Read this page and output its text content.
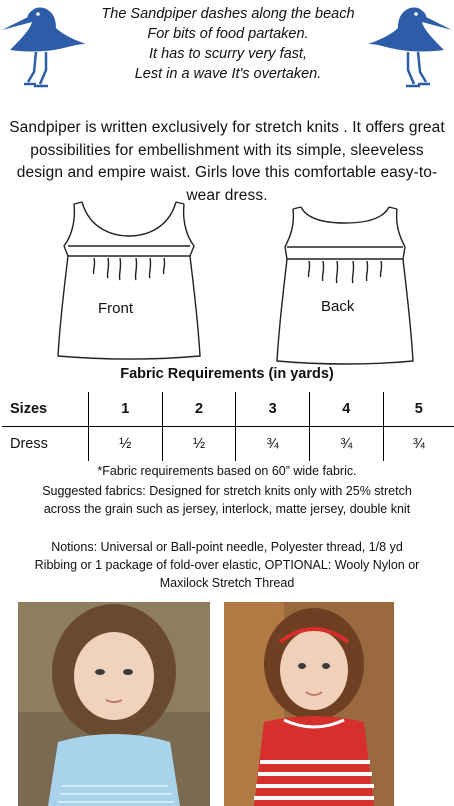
The Sandpiper dashes along the beach
For bits of food partaken.
It has to scurry very fast,
Lest in a wave It's overtaken.
Sandpiper is written exclusively for stretch knits . It offers great possibilities for embellishment with its simple, sleeveless design and empire waist. Girls love this comfortable easy-to-wear dress.
Front	Back
Fabric Requirements (in yards)
Sizes	1	2	3	4	5
Dress	½	½	¾	¾	¾
*Fabric requirements based on 60” wide fabric.
Suggested fabrics: Designed for stretch knits only with 25% stretch
across the grain such as jersey, interlock, matte jersey, double knit
Notions: Universal or Ball-point needle, Polyester thread, 1/8 yd
Ribbing or 1 package of fold-over elastic, OPTIONAL: Wooly Nylon or
Maxilock Stretch Thread
